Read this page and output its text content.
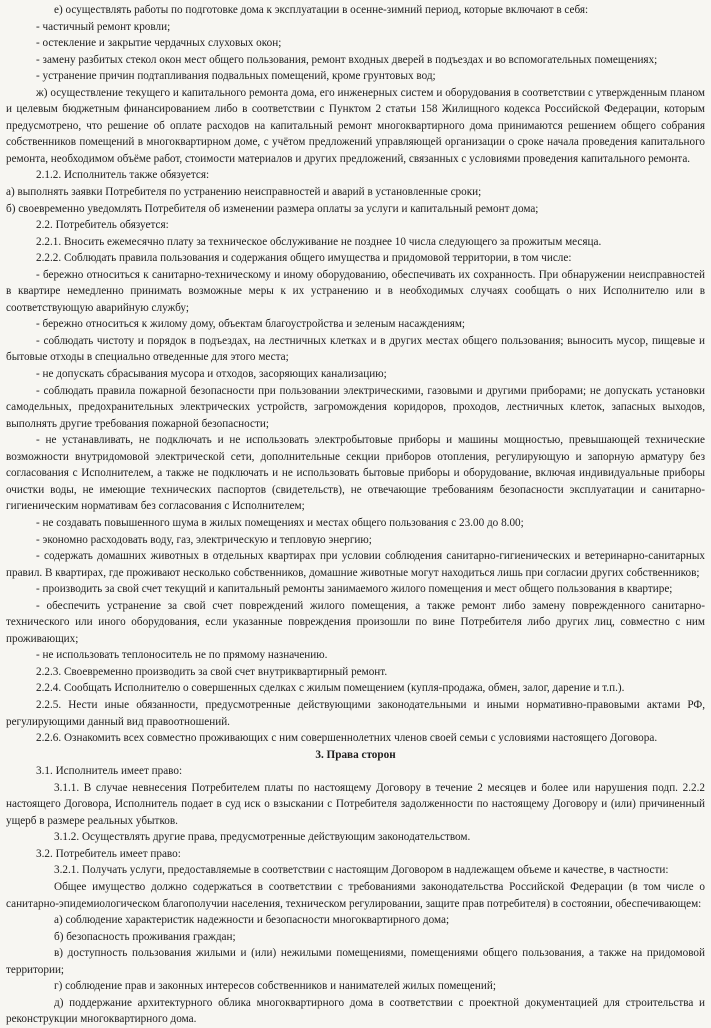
е) осуществлять работы по подготовке дома к эксплуатации в осенне-зимний период, которые включают в себя:

- частичный ремонт кровли;

- остекление и закрытие чердачных слуховых окон;

- замену разбитых стекол окон мест общего пользования, ремонт входных дверей в подъездах и во вспомогательных помещениях;

- устранение причин подтапливания подвальных помещений, кроме грунтовых вод;

ж) осуществление текущего и капитального ремонта дома, его инженерных систем и оборудования в соответствии с утвержденным планом и целевым бюджетным финансированием либо в соответствии с Пунктом 2 статьи 158 Жилищного кодекса Российской Федерации, которым предусмотрено, что решение об оплате расходов на капитальный ремонт многоквартирного дома принимаются решением общего собрания собственников помещений в многоквартирном доме, с учётом предложений управляющей организации о сроке начала проведения капитального ремонта, необходимом объёме работ, стоимости материалов и других предложений, связанных с условиями проведения капитального ремонта.

2.1.2. Исполнитель также обязуется:

а) выполнять заявки Потребителя по устранению неисправностей и аварий в установленные сроки;

б) своевременно уведомлять Потребителя об изменении размера оплаты за услуги и капитальный ремонт дома;

2.2. Потребитель обязуется:

2.2.1. Вносить ежемесячно плату за техническое обслуживание не позднее 10 числа следующего за прожитым месяца.

2.2.2. Соблюдать правила пользования и содержания общего имущества и придомовой территории, в том числе:

- бережно относиться к санитарно-техническому и иному оборудованию, обеспечивать их сохранность. При обнаружении неисправностей в квартире немедленно принимать возможные меры к их устранению и в необходимых случаях сообщать о них Исполнителю или в соответствующую аварийную службу;

- бережно относиться к жилому дому, объектам благоустройства и зеленым насаждениям;

- соблюдать чистоту и порядок в подъездах, на лестничных клетках и в других местах общего пользования; выносить мусор, пищевые и бытовые отходы в специально отведенные для этого места;

- не допускать сбрасывания мусора и отходов, засоряющих канализацию;

- соблюдать правила пожарной безопасности при пользовании электрическими, газовыми и другими приборами; не допускать установки самодельных, предохранительных электрических устройств, загромождения коридоров, проходов, лестничных клеток, запасных выходов, выполнять другие требования пожарной безопасности;

- не устанавливать, не подключать и не использовать электробытовые приборы и машины мощностью, превышающей технические возможности внутридомовой электрической сети, дополнительные секции приборов отопления, регулирующую и запорную арматуру без согласования с Исполнителем, а также не подключать и не использовать бытовые приборы и оборудование, включая индивидуальные приборы очистки воды, не имеющие технических паспортов (свидетельств), не отвечающие требованиям безопасности эксплуатации и санитарно-гигиеническим нормативам без согласования с Исполнителем;

- не создавать повышенного шума в жилых помещениях и местах общего пользования с 23.00 до 8.00;

- экономно расходовать воду, газ, электрическую и тепловую энергию;

- содержать домашних животных в отдельных квартирах при условии соблюдения санитарно-гигиенических и ветеринарно-санитарных правил. В квартирах, где проживают несколько собственников, домашние животные могут находиться лишь при согласии других собственников;

- производить за свой счет текущий и капитальный ремонты занимаемого жилого помещения и мест общего пользования в квартире;

- обеспечить устранение за свой счет повреждений жилого помещения, а также ремонт либо замену поврежденного санитарно-технического или иного оборудования, если указанные повреждения произошли по вине Потребителя либо других лиц, совместно с ним проживающих;

- не использовать теплоноситель не по прямому назначению.

2.2.3. Своевременно производить за свой счет внутриквартирный ремонт.

2.2.4. Сообщать Исполнителю о совершенных сделках с жилым помещением (купля-продажа, обмен, залог, дарение и т.п.).

2.2.5. Нести иные обязанности, предусмотренные действующими законодательными и иными нормативно-правовыми актами РФ, регулирующими данный вид правоотношений.

2.2.6. Ознакомить всех совместно проживающих с ним совершеннолетних членов своей семьи с условиями настоящего Договора.

3. Права сторон

3.1. Исполнитель имеет право:

3.1.1. В случае невнесения Потребителем платы по настоящему Договору в течение 2 месяцев и более или нарушения подп. 2.2.2 настоящего Договора, Исполнитель подает в суд иск о взыскании с Потребителя задолженности по настоящему Договору и (или) причиненный ущерб в размере реальных убытков.

3.1.2. Осуществлять другие права, предусмотренные действующим законодательством.

3.2. Потребитель имеет право:

3.2.1. Получать услуги, предоставляемые в соответствии с настоящим Договором в надлежащем объеме и качестве, в частности:

Общее имущество должно содержаться в соответствии с требованиями законодательства Российской Федерации (в том числе о санитарно-эпидемиологическом благополучии населения, техническом регулировании, защите прав потребителя) в состоянии, обеспечивающем:

а) соблюдение характеристик надежности и безопасности многоквартирного дома;

б) безопасность проживания граждан;

в) доступность пользования жилыми и (или) нежилыми помещениями, помещениями общего пользования, а также на придомовой территории;

г) соблюдение прав и законных интересов собственников и нанимателей жилых помещений;

д) поддержание архитектурного облика многоквартирного дома в соответствии с проектной документацией для строительства и реконструкции многоквартирного дома.
